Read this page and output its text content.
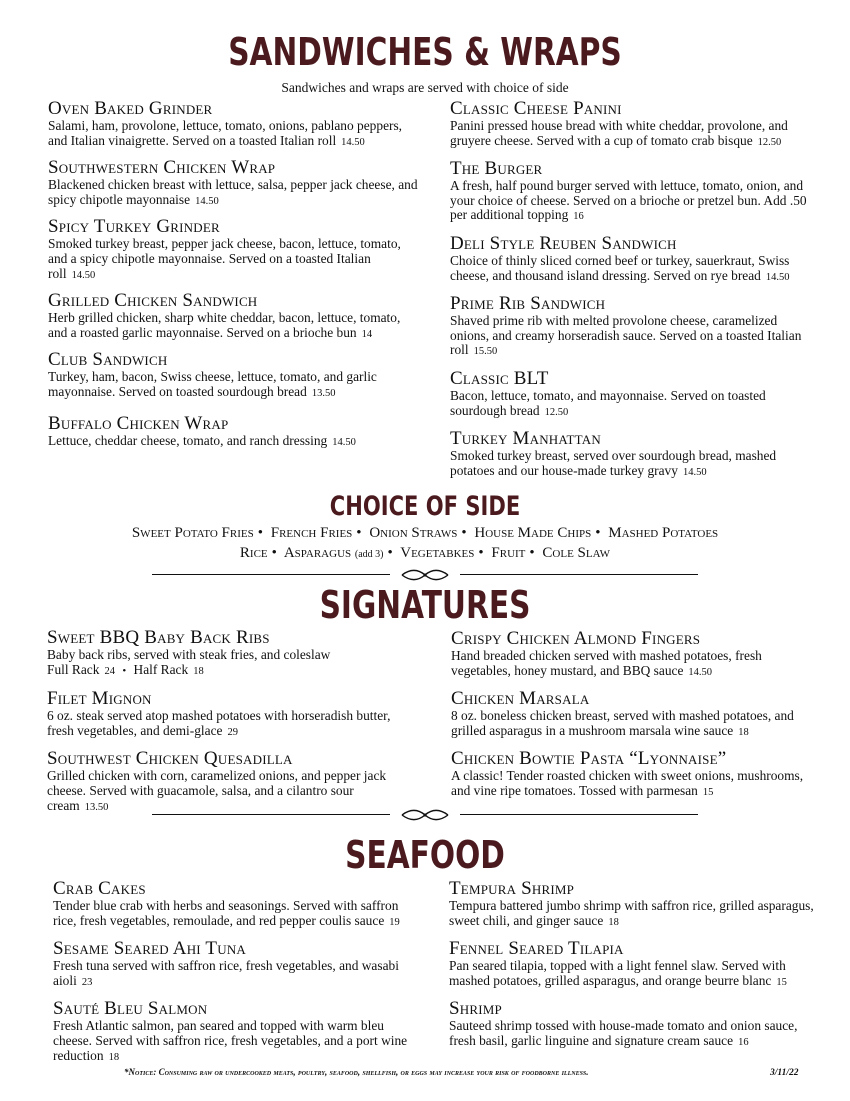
SANDWICHES & WRAPS
Sandwiches and wraps are served with choice of side
Oven Baked Grinder
Salami, ham, provolone, lettuce, tomato, onions, pablano peppers, and Italian vinaigrette. Served on a toasted Italian roll 14.50
Southwestern Chicken Wrap
Blackened chicken breast with lettuce, salsa, pepper jack cheese, and spicy chipotle mayonnaise 14.50
Spicy Turkey Grinder
Smoked turkey breast, pepper jack cheese, bacon, lettuce, tomato, and a spicy chipotle mayonnaise. Served on a toasted Italian roll 14.50
Grilled Chicken Sandwich
Herb grilled chicken, sharp white cheddar, bacon, lettuce, tomato, and a roasted garlic mayonnaise. Served on a brioche bun 14
Club Sandwich
Turkey, ham, bacon, Swiss cheese, lettuce, tomato, and garlic mayonnaise. Served on toasted sourdough bread 13.50
Buffalo Chicken Wrap
Lettuce, cheddar cheese, tomato, and ranch dressing 14.50
Classic Cheese Panini
Panini pressed house bread with white cheddar, provolone, and gruyere cheese. Served with a cup of tomato crab bisque 12.50
The Burger
A fresh, half pound burger served with lettuce, tomato, onion, and your choice of cheese. Served on a brioche or pretzel bun. Add .50 per additional topping 16
Deli Style Reuben Sandwich
Choice of thinly sliced corned beef or turkey, sauerkraut, Swiss cheese, and thousand island dressing. Served on rye bread 14.50
Prime Rib Sandwich
Shaved prime rib with melted provolone cheese, caramelized onions, and creamy horseradish sauce. Served on a toasted Italian roll 15.50
Classic BLT
Bacon, lettuce, tomato, and mayonnaise. Served on toasted sourdough bread 12.50
Turkey Manhattan
Smoked turkey breast, served over sourdough bread, mashed potatoes and our house-made turkey gravy 14.50
CHOICE OF SIDE
Sweet Potato Fries • French Fries • Onion Straws • House Made Chips • Mashed Potatoes
Rice • Asparagus (add 3) • Vegetabkes • Fruit • Cole Slaw
SIGNATURES
Sweet BBQ Baby Back Ribs
Baby back ribs, served with steak fries, and coleslaw
Full Rack 24 • Half Rack 18
Filet Mignon
6 oz. steak served atop mashed potatoes with horseradish butter, fresh vegetables, and demi-glace 29
Southwest Chicken Quesadilla
Grilled chicken with corn, caramelized onions, and pepper jack cheese. Served with guacamole, salsa, and a cilantro sour cream 13.50
Crispy Chicken Almond Fingers
Hand breaded chicken served with mashed potatoes, fresh vegetables, honey mustard, and BBQ sauce 14.50
Chicken Marsala
8 oz. boneless chicken breast, served with mashed potatoes, and grilled asparagus in a mushroom marsala wine sauce 18
Chicken Bowtie Pasta “Lyonnaise”
A classic! Tender roasted chicken with sweet onions, mushrooms, and vine ripe tomatoes. Tossed with parmesan 15
SEAFOOD
Crab Cakes
Tender blue crab with herbs and seasonings. Served with saffron rice, fresh vegetables, remoulade, and red pepper coulis sauce 19
Sesame Seared Ahi Tuna
Fresh tuna served with saffron rice, fresh vegetables, and wasabi aioli 23
Sauté Bleu Salmon
Fresh Atlantic salmon, pan seared and topped with warm bleu cheese. Served with saffron rice, fresh vegetables, and a port wine reduction 18
Tempura Shrimp
Tempura battered jumbo shrimp with saffron rice, grilled asparagus, sweet chili, and ginger sauce 18
Fennel Seared Tilapia
Pan seared tilapia, topped with a light fennel slaw. Served with mashed potatoes, grilled asparagus, and orange beurre blanc 15
Shrimp
Sauteed shrimp tossed with house-made tomato and onion sauce, fresh basil, garlic linguine and signature cream sauce 16
*Notice: Consuming raw or undercooked meats, poultry, seafood, shellfish, or eggs may increase your risk of foodborne illness.	3/11/22
